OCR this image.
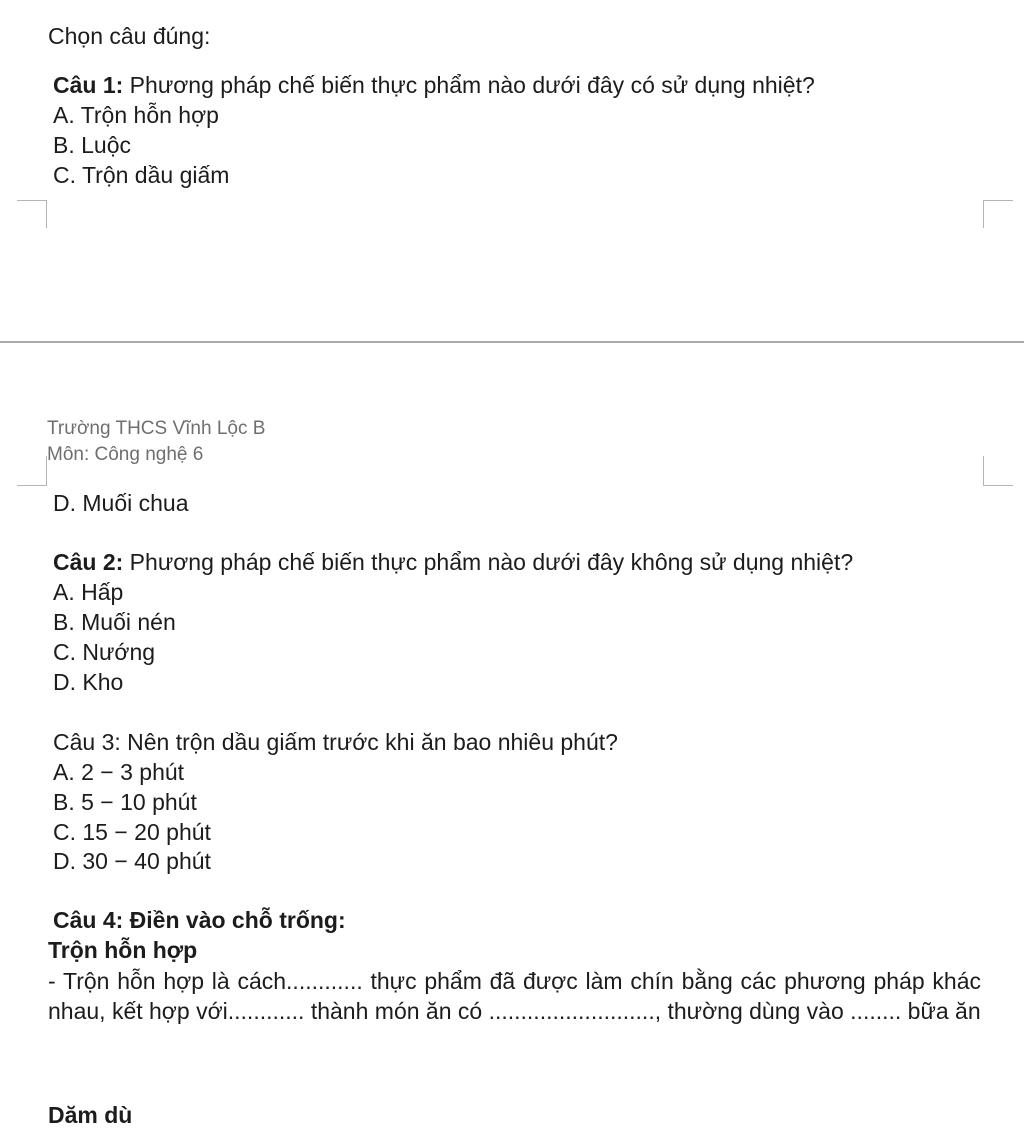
Chọn câu đúng:
Câu 1: Phương pháp chế biến thực phẩm nào dưới đây có sử dụng nhiệt?
A. Trộn hỗn hợp
B. Luộc
C. Trộn dầu giấm
Trường THCS Vĩnh Lộc B
Môn: Công nghệ 6
D. Muối chua
Câu 2: Phương pháp chế biến thực phẩm nào dưới đây không sử dụng nhiệt?
A. Hấp
B. Muối nén
C. Nướng
D. Kho
Câu 3: Nên trộn dầu giấm trước khi ăn bao nhiêu phút?
A. 2 − 3 phút
B. 5 − 10 phút
C. 15 − 20 phút
D. 30 − 40 phút
Câu 4: Điền vào chỗ trống:
Trộn hỗn hợp
- Trộn hỗn hợp là cách............ thực phẩm đã được làm chín bằng các phương pháp khác nhau, kết hợp với............ thành món ăn có .........................., thường dùng vào ........ bữa ăn
Dăm dù
